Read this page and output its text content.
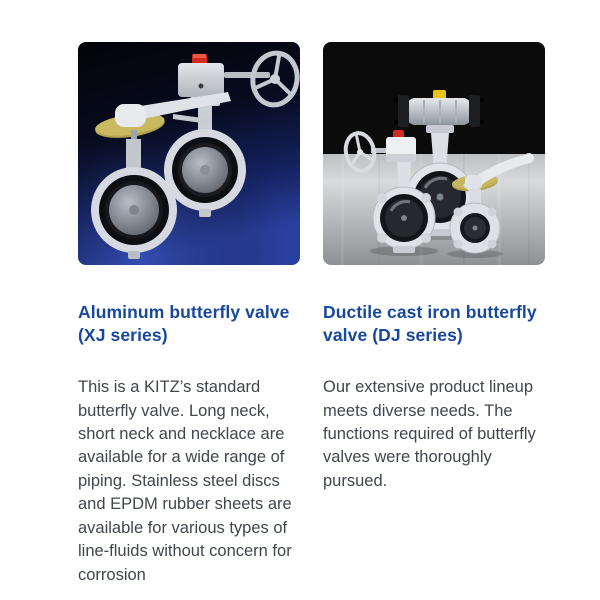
Aluminum butterfly valve (XJ series)

This is a KITZ’s standard butterfly valve. Long neck, short neck and necklace are available for a wide range of piping. Stainless steel discs and EPDM rubber sheets are available for various types of line-fluids without concern for corrosion

Ductile cast iron butterfly valve (DJ series)

Our extensive product lineup meets diverse needs. The functions required of butterfly valves were thoroughly pursued.
